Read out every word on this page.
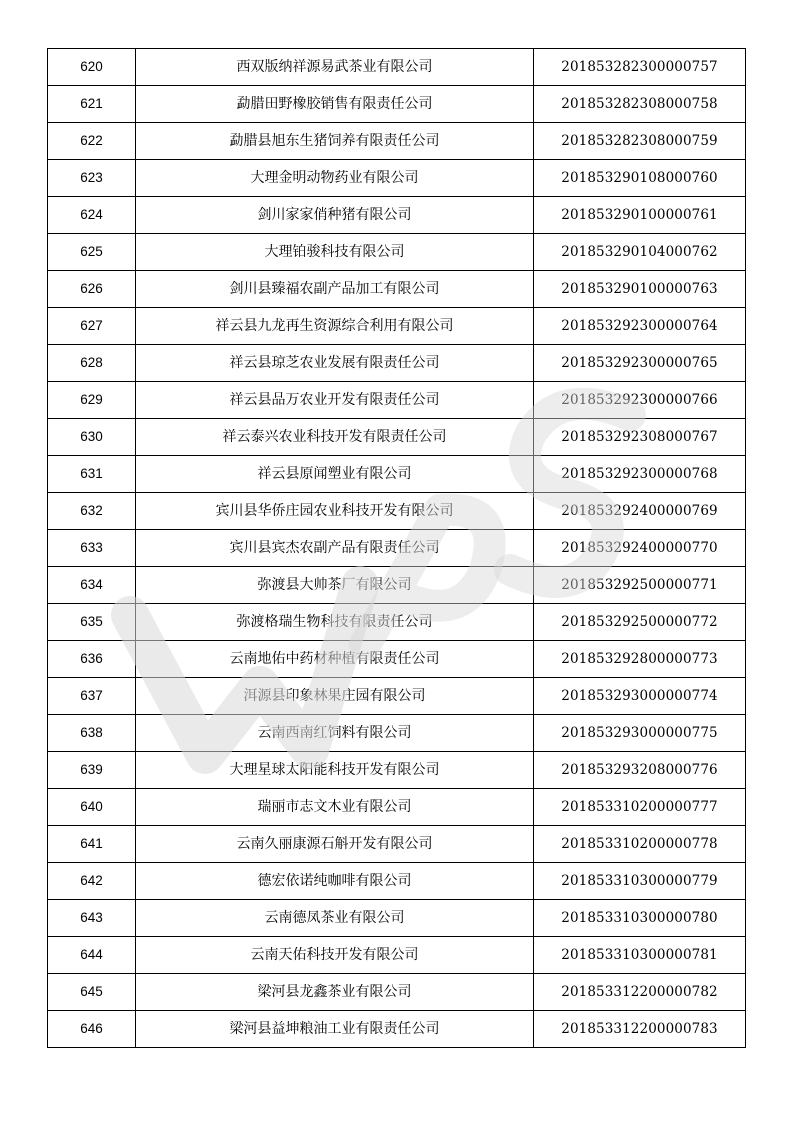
620	西双版纳祥源易武茶业有限公司	201853282300000757
621	勐腊田野橡胶销售有限责任公司	201853282308000758
622	勐腊县旭东生猪饲养有限责任公司	201853282308000759
623	大理金明动物药业有限公司	201853290108000760
624	剑川家家俏种猪有限公司	201853290100000761
625	大理铂骏科技有限公司	201853290104000762
626	剑川县臻福农副产品加工有限公司	201853290100000763
627	祥云县九龙再生资源综合利用有限公司	201853292300000764
628	祥云县琼芝农业发展有限责任公司	201853292300000765
629	祥云县品万农业开发有限责任公司	201853292300000766
630	祥云泰兴农业科技开发有限责任公司	201853292308000767
631	祥云县原闻塑业有限公司	201853292300000768
632	宾川县华侨庄园农业科技开发有限公司	201853292400000769
633	宾川县宾杰农副产品有限责任公司	201853292400000770
634	弥渡县大帅茶厂有限公司	201853292500000771
635	弥渡格瑞生物科技有限责任公司	201853292500000772
636	云南地佑中药材种植有限责任公司	201853292800000773
637	洱源县印象林果庄园有限公司	201853293000000774
638	云南西南红饲料有限公司	201853293000000775
639	大理星球太阳能科技开发有限公司	201853293208000776
640	瑞丽市志文木业有限公司	201853310200000777
641	云南久丽康源石斛开发有限公司	201853310200000778
642	德宏依诺纯咖啡有限公司	201853310300000779
643	云南德凤茶业有限公司	201853310300000780
644	云南天佑科技开发有限公司	201853310300000781
645	梁河县龙鑫茶业有限公司	201853312200000782
646	梁河县益坤粮油工业有限责任公司	201853312200000783
